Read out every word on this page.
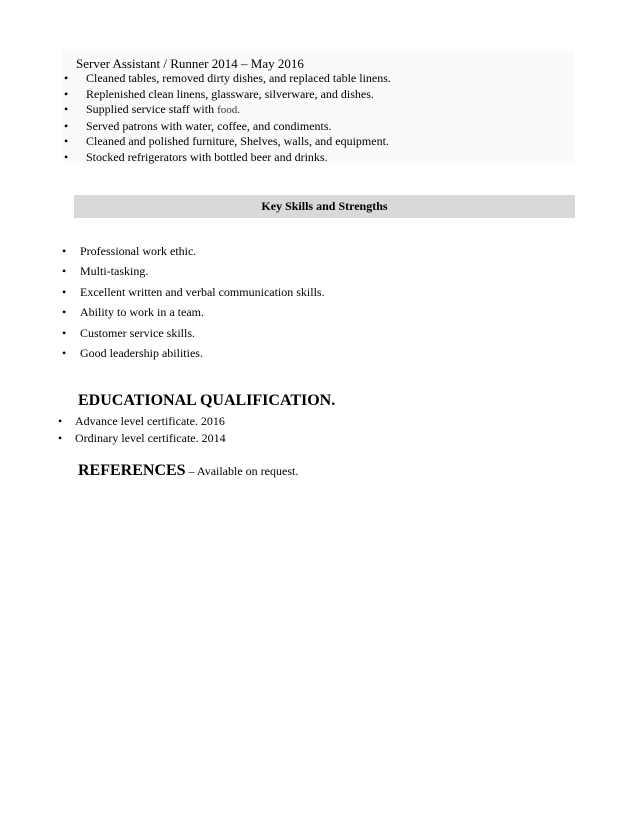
Server Assistant / Runner 2014 – May 2016
• Cleaned tables, removed dirty dishes, and replaced table linens.
• Replenished clean linens, glassware, silverware, and dishes.
• Supplied service staff with food.
• Served patrons with water, coffee, and condiments.
• Cleaned and polished furniture, Shelves, walls, and equipment.
• Stocked refrigerators with bottled beer and drinks.
Key Skills and Strengths
• Professional work ethic.
• Multi-tasking.
• Excellent written and verbal communication skills.
• Ability to work in a team.
• Customer service skills.
• Good leadership abilities.
EDUCATIONAL QUALIFICATION.
• Advance level certificate. 2016
• Ordinary level certificate. 2014
REFERENCES – Available on request.
